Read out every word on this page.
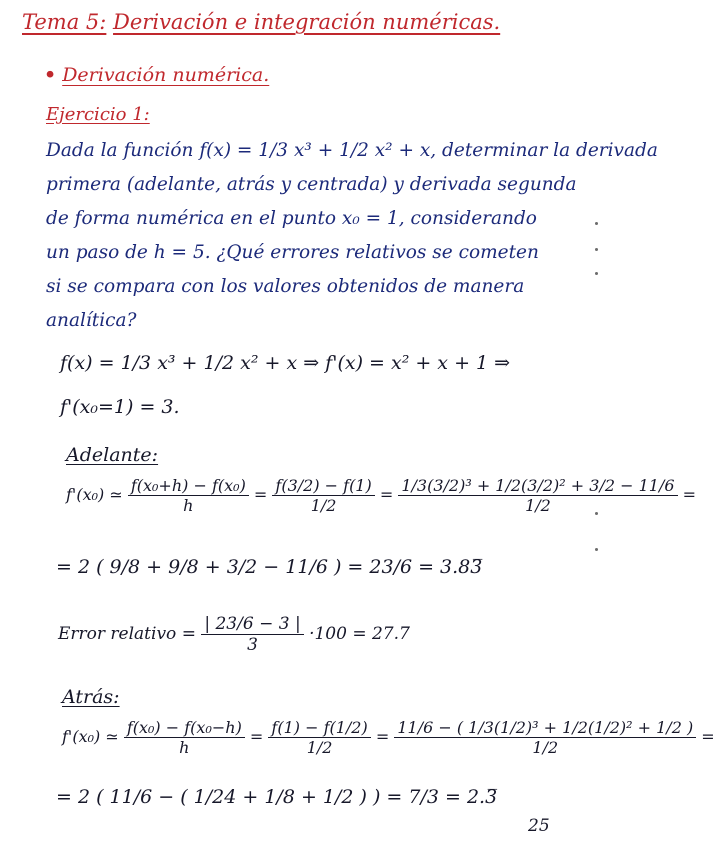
Tema 5: Derivación e integración numéricas.
• Derivación numérica.
Ejercicio 1:
Dada la función f(x) = 1/3 x³ + 1/2 x² + x, determinar la derivada
primera (adelante, atrás y centrada) y derivada segunda
de forma numérica en el punto x₀ = 1, considerando
un paso de h = 5. ¿Qué errores relativos se cometen
si se compara con los valores obtenidos de manera
analítica?
f(x) = 1/3 x³ + 1/2 x² + x ⇒ f'(x) = x² + x + 1 ⇒
f'(x₀=1) = 3.
Adelante:
f'(x₀) ≃ $\frac{\text{f(x₀+h) − f(x₀)}}{h} = \frac{f(3/2) - f(1)}{1/2} = \frac{\text{1/3(3/2)³ + 1/2(3/2)² + 3/2 − 11/6}}{1/2}$ =
= 2 ( 9/8 + 9/8 + 3/2 − 11/6 ) = 23/6 = 3.83̅
Error relativo = $\frac{| 23/6 - 3 |}{3} \cdot 100$ = 27.7̅
Atrás:
f'(x₀) ≃ $\frac{\text{f(x₀) − f(x₀−h)}}{h} = \frac{f(1) - f(1/2)}{1/2} = \frac{\text{11/6 − ( 1/3(1/2)³ + 1/2(1/2)² + 1/2 )}}{1/2}$ =
= 2 ( 11/6 − ( 1/24 + 1/8 + 1/2 ) ) = 7/3 = 2.3̅
25
